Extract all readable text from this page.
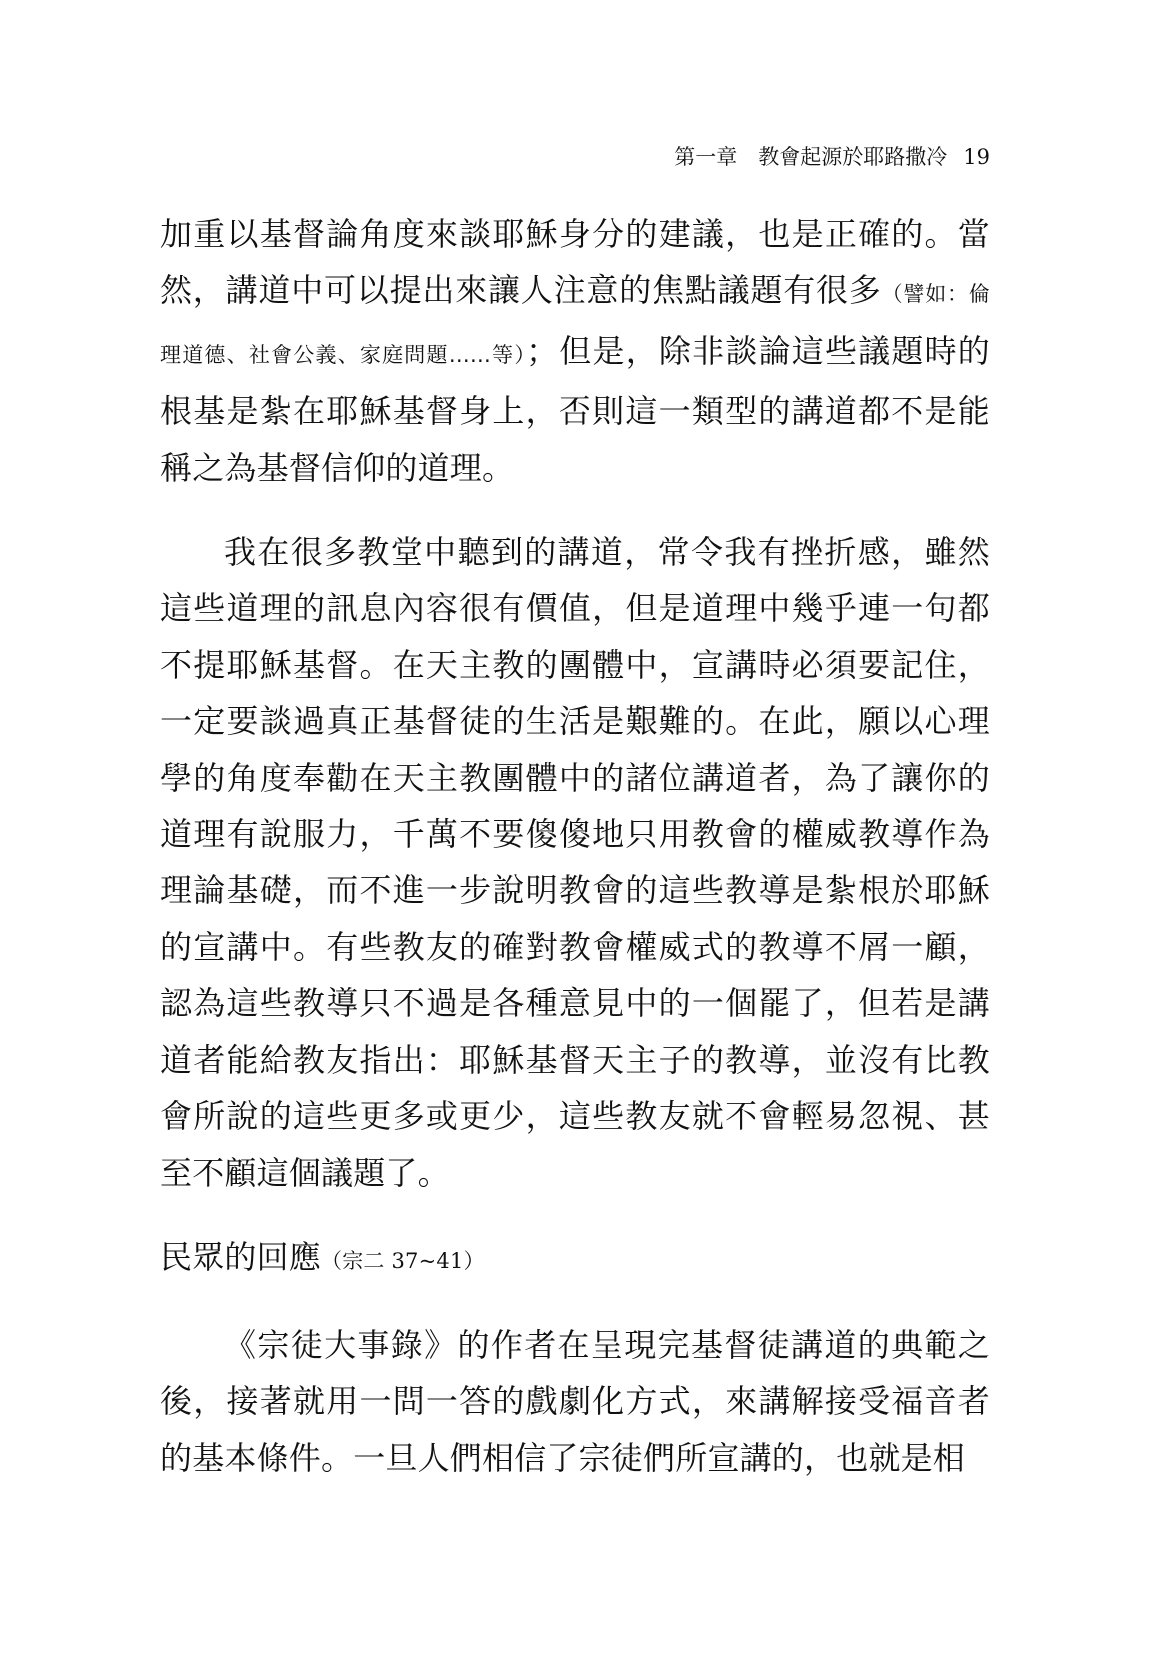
第一章　教會起源於耶路撒冷 19

加重以基督論角度來談耶穌身分的建議，也是正確的。當然，講道中可以提出來讓人注意的焦點議題有很多（譬如：倫理道德、社會公義、家庭問題……等）；但是，除非談論這些議題時的根基是紮在耶穌基督身上，否則這一類型的講道都不是能稱之為基督信仰的道理。

我在很多教堂中聽到的講道，常令我有挫折感，雖然這些道理的訊息內容很有價值，但是道理中幾乎連一句都不提耶穌基督。在天主教的團體中，宣講時必須要記住，一定要談過真正基督徒的生活是艱難的。在此，願以心理學的角度奉勸在天主教團體中的諸位講道者，為了讓你的道理有說服力，千萬不要傻傻地只用教會的權威教導作為理論基礎，而不進一步說明教會的這些教導是紮根於耶穌的宣講中。有些教友的確對教會權威式的教導不屑一顧，認為這些教導只不過是各種意見中的一個罷了，但若是講道者能給教友指出：耶穌基督天主子的教導，並沒有比教會所說的這些更多或更少，這些教友就不會輕易忽視、甚至不顧這個議題了。

民眾的回應（宗二 37~41）

《宗徒大事錄》的作者在呈現完基督徒講道的典範之後，接著就用一問一答的戲劇化方式，來講解接受福音者的基本條件。一旦人們相信了宗徒們所宣講的，也就是相
